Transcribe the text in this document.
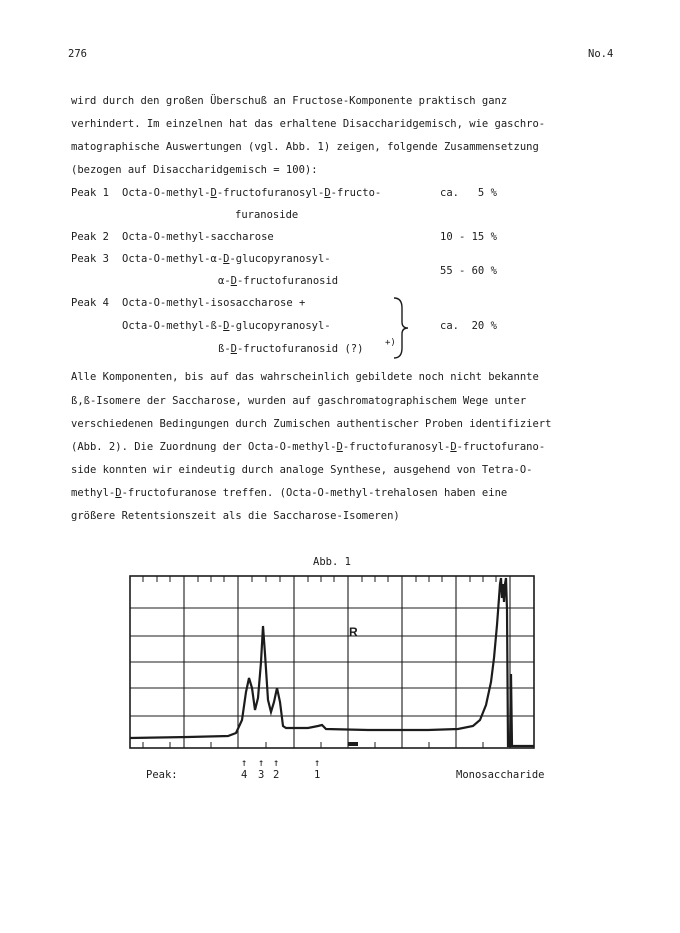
276	No.4
wird durch den großen Überschuß an Fructose-Komponente praktisch ganz
verhindert. Im einzelnen hat das erhaltene Disaccharidgemisch, wie gaschro-
matographische Auswertungen (vgl. Abb. 1) zeigen, folgende Zusammensetzung
(bezogen auf Disaccharidgemisch = 100):
Peak 1 Octa-O-methyl-D-fructofuranosyl-D-fructo-	ca.   5 %
furanoside
Peak 2 Octa-O-methyl-saccharose	10 - 15 %
Peak 3 Octa-O-methyl-α-D-glucopyranosyl-
α-D-fructofuranosid
55 - 60 %
Peak 4 Octa-O-methyl-isosaccharose +
Octa-O-methyl-ß-D-glucopyranosyl-
ß-D-fructofuranosid (?) +)
ca.  20 %
Alle Komponenten, bis auf das wahrscheinlich gebildete noch nicht bekannte
ß,ß-Isomere der Saccharose, wurden auf gaschromatographischem Wege unter
verschiedenen Bedingungen durch Zumischen authentischer Proben identifiziert
(Abb. 2). Die Zuordnung der Octa-O-methyl-D-fructofuranosyl-D-fructofurano-
side konnten wir eindeutig durch analoge Synthese, ausgehend von Tetra-O-
methyl-D-fructofuranose treffen. (Octa-O-methyl-trehalosen haben eine
größere Retentsionszeit als die Saccharose-Isomeren)
Abb. 1
R
Peak:
↑ ↑ ↑	↑
4 3 2	1	Monosaccharide
